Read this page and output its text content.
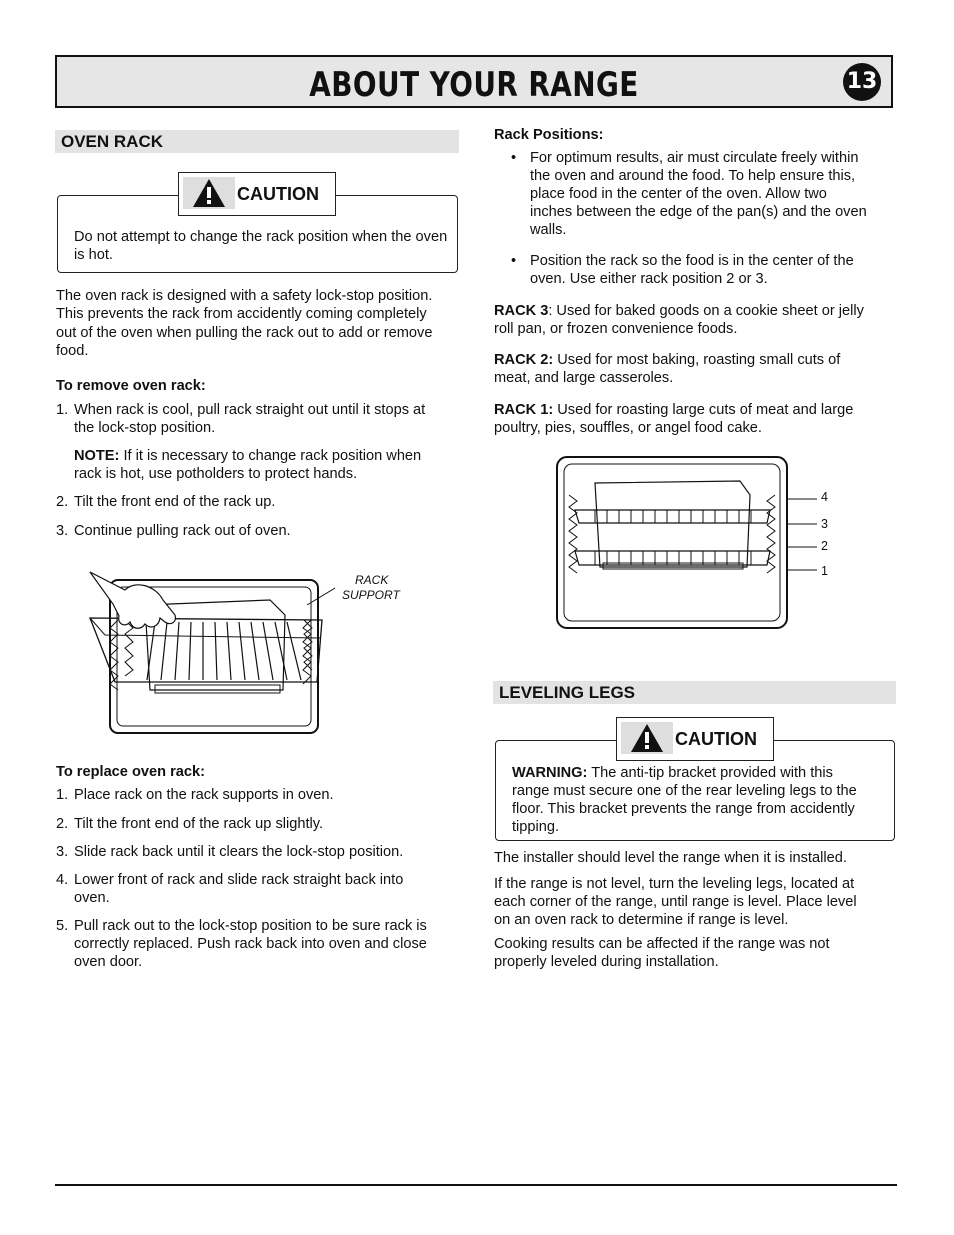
ABOUT YOUR RANGE	13
OVEN RACK
Do not attempt to change the rack position when the oven is hot.
CAUTION
The oven rack is designed with a safety lock-stop position.
This prevents the rack from accidently coming completely
out of the oven when pulling the rack out to add or remove
food.
To remove oven rack:
1. When rack is cool, pull rack straight out until it stops at
the lock-stop position.
NOTE: If it is necessary to change rack position when
rack is hot, use potholders to protect hands.
2. Tilt the front end of the rack up.
3. Continue pulling rack out of oven.
RACK
SUPPORT
To replace oven rack:
1. Place rack on the rack supports in oven.
2. Tilt the front end of the rack up slightly.
3. Slide rack back until it clears the lock-stop position.
4. Lower front of rack and slide rack straight back into
oven.
5. Pull rack out to the lock-stop position to be sure rack is
correctly replaced. Push rack back into oven and close
oven door.
Rack Positions:
• For optimum results, air must circulate freely within
the oven and around the food. To help ensure this,
place food in the center of the oven. Allow two
inches between the edge of the pan(s) and the oven
walls.
• Position the rack so the food is in the center of the
oven. Use either rack position 2 or 3.
RACK 3: Used for baked goods on a cookie sheet or jelly
roll pan, or frozen convenience foods.
RACK 2: Used for most baking, roasting small cuts of
meat, and large casseroles.
RACK 1: Used for roasting large cuts of meat and large
poultry, pies, souffles, or angel food cake.
4
3
2
1
LEVELING LEGS
WARNING: The anti-tip bracket provided with this
range must secure one of the rear leveling legs to the
floor. This bracket prevents the range from accidently
tipping.
CAUTION
The installer should level the range when it is installed.
If the range is not level, turn the leveling legs, located at
each corner of the range, until range is level. Place level
on an oven rack to determine if range is level.
Cooking results can be affected if the range was not
properly leveled during installation.
